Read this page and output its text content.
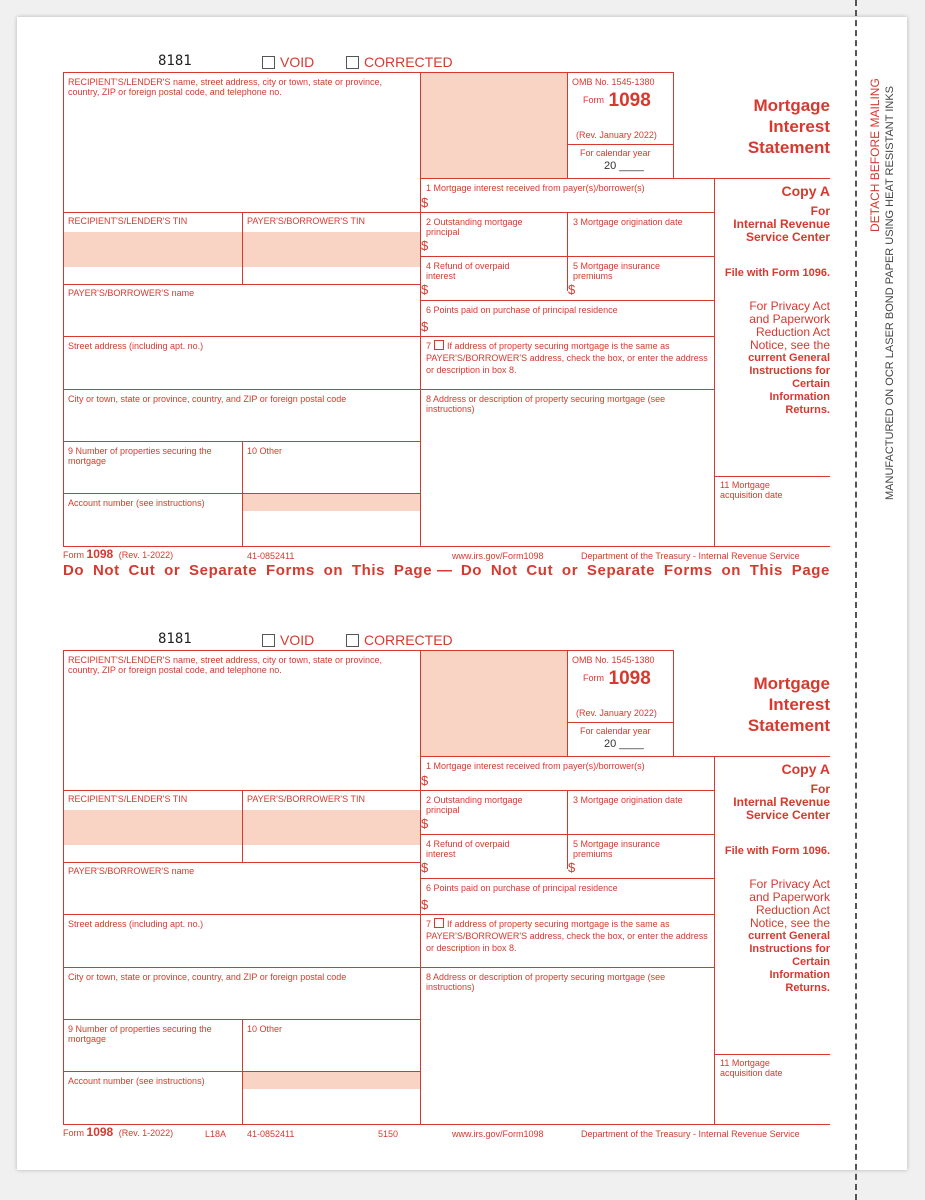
DETACH BEFORE MAILING MANUFACTURED ON OCR LASER BOND PAPER USING HEAT RESISTANT INKS
8181	VOID	CORRECTED
RECIPIENT'S/LENDER'S name, street address, city or town, state or province, country, ZIP or foreign postal code, and telephone no.
OMB No. 1545-1380
Form 1098
(Rev. January 2022)
For calendar year
20 ____
Mortgage
Interest
Statement
1 Mortgage interest received from payer(s)/borrower(s)
$
Copy A
For
Internal Revenue
Service Center
File with Form 1096.
For Privacy Act
and Paperwork
Reduction Act
Notice, see the
current General
Instructions for
Certain
Information
Returns.
RECIPIENT'S/LENDER'S TIN	PAYER'S/BORROWER'S TIN	2 Outstanding mortgage principal
$
3 Mortgage origination date
4 Refund of overpaid interest
$
5 Mortgage insurance premiums
$
PAYER'S/BORROWER'S name
6 Points paid on purchase of principal residence
$
Street address (including apt. no.)	7 If address of property securing mortgage is the same as PAYER'S/BORROWER'S address, check the box, or enter the address or description in box 8.
City or town, state or province, country, and ZIP or foreign postal code	8 Address or description of property securing mortgage (see instructions)
9 Number of properties securing the mortgage
10 Other
11 Mortgage acquisition date
Account number (see instructions)
Form 1098 (Rev. 1-2022)	41-0852411	www.irs.gov/Form1098	Department of the Treasury - Internal Revenue Service
Do Not Cut or Separate Forms on This Page — Do Not Cut or Separate Forms on This Page
8181	VOID	CORRECTED
RECIPIENT'S/LENDER'S name, street address, city or town, state or province, country, ZIP or foreign postal code, and telephone no.
OMB No. 1545-1380
Form 1098
(Rev. January 2022)
For calendar year
20 ____
Mortgage
Interest
Statement
1 Mortgage interest received from payer(s)/borrower(s)
$
Copy A
For
Internal Revenue
Service Center
File with Form 1096.
For Privacy Act
and Paperwork
Reduction Act
Notice, see the
current General
Instructions for
Certain
Information
Returns.
RECIPIENT'S/LENDER'S TIN	PAYER'S/BORROWER'S TIN	2 Outstanding mortgage principal
$
3 Mortgage origination date
4 Refund of overpaid interest
$
5 Mortgage insurance premiums
$
PAYER'S/BORROWER'S name
6 Points paid on purchase of principal residence
$
Street address (including apt. no.)	7 If address of property securing mortgage is the same as PAYER'S/BORROWER'S address, check the box, or enter the address or description in box 8.
City or town, state or province, country, and ZIP or foreign postal code	8 Address or description of property securing mortgage (see instructions)
9 Number of properties securing the mortgage
10 Other
11 Mortgage acquisition date
Account number (see instructions)
Form 1098 (Rev. 1-2022)	L18A 41-0852411	5150	www.irs.gov/Form1098	Department of the Treasury - Internal Revenue Service
